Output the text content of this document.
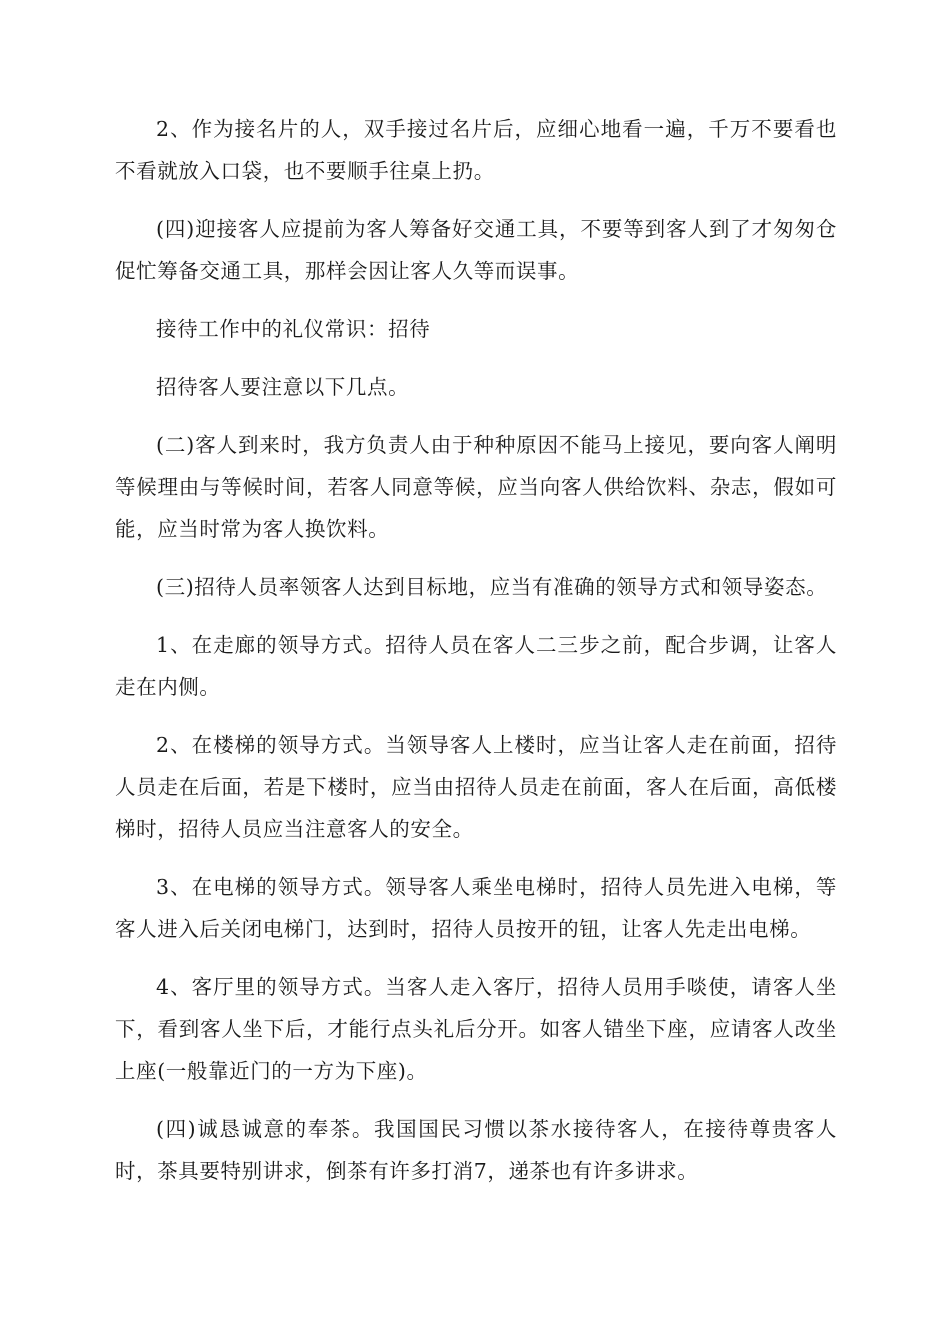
2、作为接名片的人，双手接过名片后，应细心地看一遍，千万不要看也不看就放入口袋，也不要顺手往桌上扔。

(四)迎接客人应提前为客人筹备好交通工具，不要等到客人到了才匆匆仓促忙筹备交通工具，那样会因让客人久等而误事。

接待工作中的礼仪常识：招待

招待客人要注意以下几点。

(二)客人到来时，我方负责人由于种种原因不能马上接见，要向客人阐明等候理由与等候时间，若客人同意等候，应当向客人供给饮料、杂志，假如可能，应当时常为客人换饮料。

(三)招待人员率领客人达到目标地，应当有准确的领导方式和领导姿态。

1、在走廊的领导方式。招待人员在客人二三步之前，配合步调，让客人走在内侧。

2、在楼梯的领导方式。当领导客人上楼时，应当让客人走在前面，招待人员走在后面，若是下楼时，应当由招待人员走在前面，客人在后面，高低楼梯时，招待人员应当注意客人的安全。

3、在电梯的领导方式。领导客人乘坐电梯时，招待人员先进入电梯，等客人进入后关闭电梯门，达到时，招待人员按开的钮，让客人先走出电梯。

4、客厅里的领导方式。当客人走入客厅，招待人员用手啖使，请客人坐下，看到客人坐下后，才能行点头礼后分开。如客人错坐下座，应请客人改坐上座(一般靠近门的一方为下座)。

(四)诚恳诚意的奉茶。我国国民习惯以茶水接待客人，在接待尊贵客人时，茶具要特别讲求，倒茶有许多打消7，递茶也有许多讲求。
